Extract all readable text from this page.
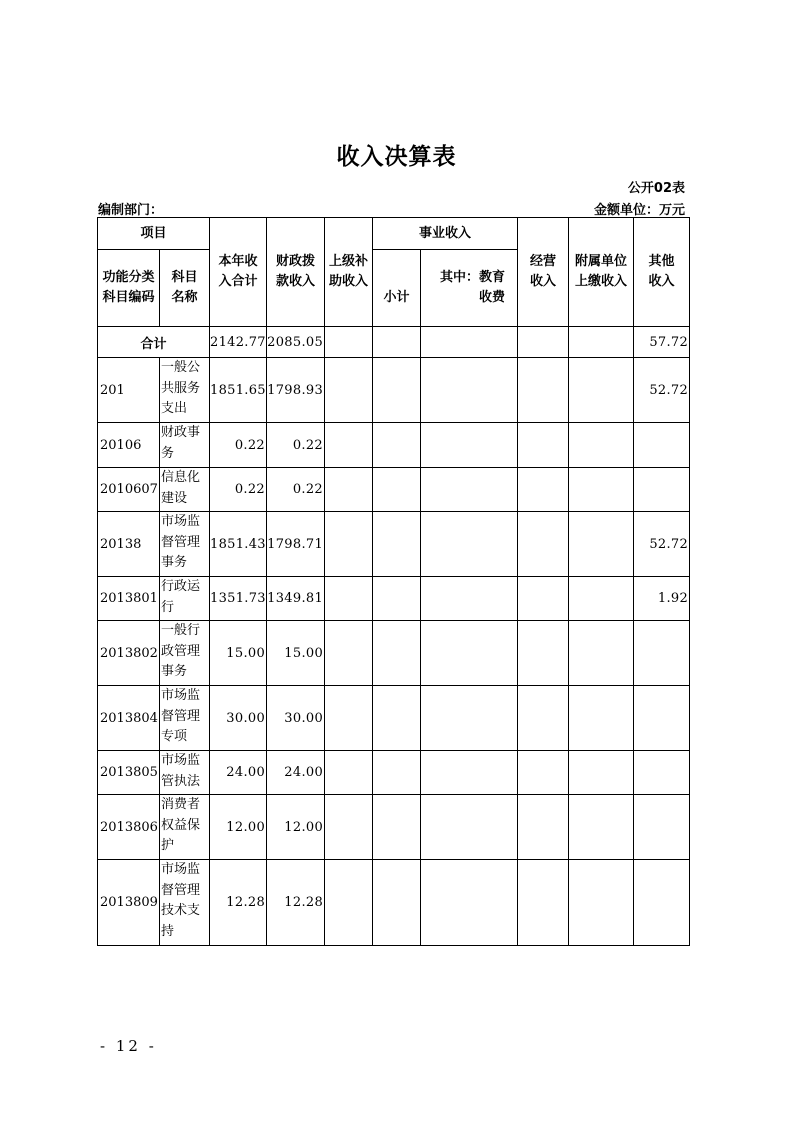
收入决算表
公开02表
编制部门：	金额单位：万元
项目		本年收入合计	财政拨款收入	上级补助收入	事业收入		经营收入	附属单位上缴收入	其他收入
功能分类科目编码	科目名称				小计	其中：教育收费			
合计		2142.77	2085.05						57.72
201	一般公共服务支出	1851.65	1798.93						52.72
20106	财政事务	0.22	0.22						
2010607	信息化建设	0.22	0.22						
20138	市场监督管理事务	1851.43	1798.71						52.72
2013801	行政运行	1351.73	1349.81						1.92
2013802	一般行政管理事务	15.00	15.00						
2013804	市场监督管理专项	30.00	30.00						
2013805	市场监管执法	24.00	24.00						
2013806	消费者权益保护	12.00	12.00						
2013809	市场监督管理技术支持	12.28	12.28						
- 12 -
